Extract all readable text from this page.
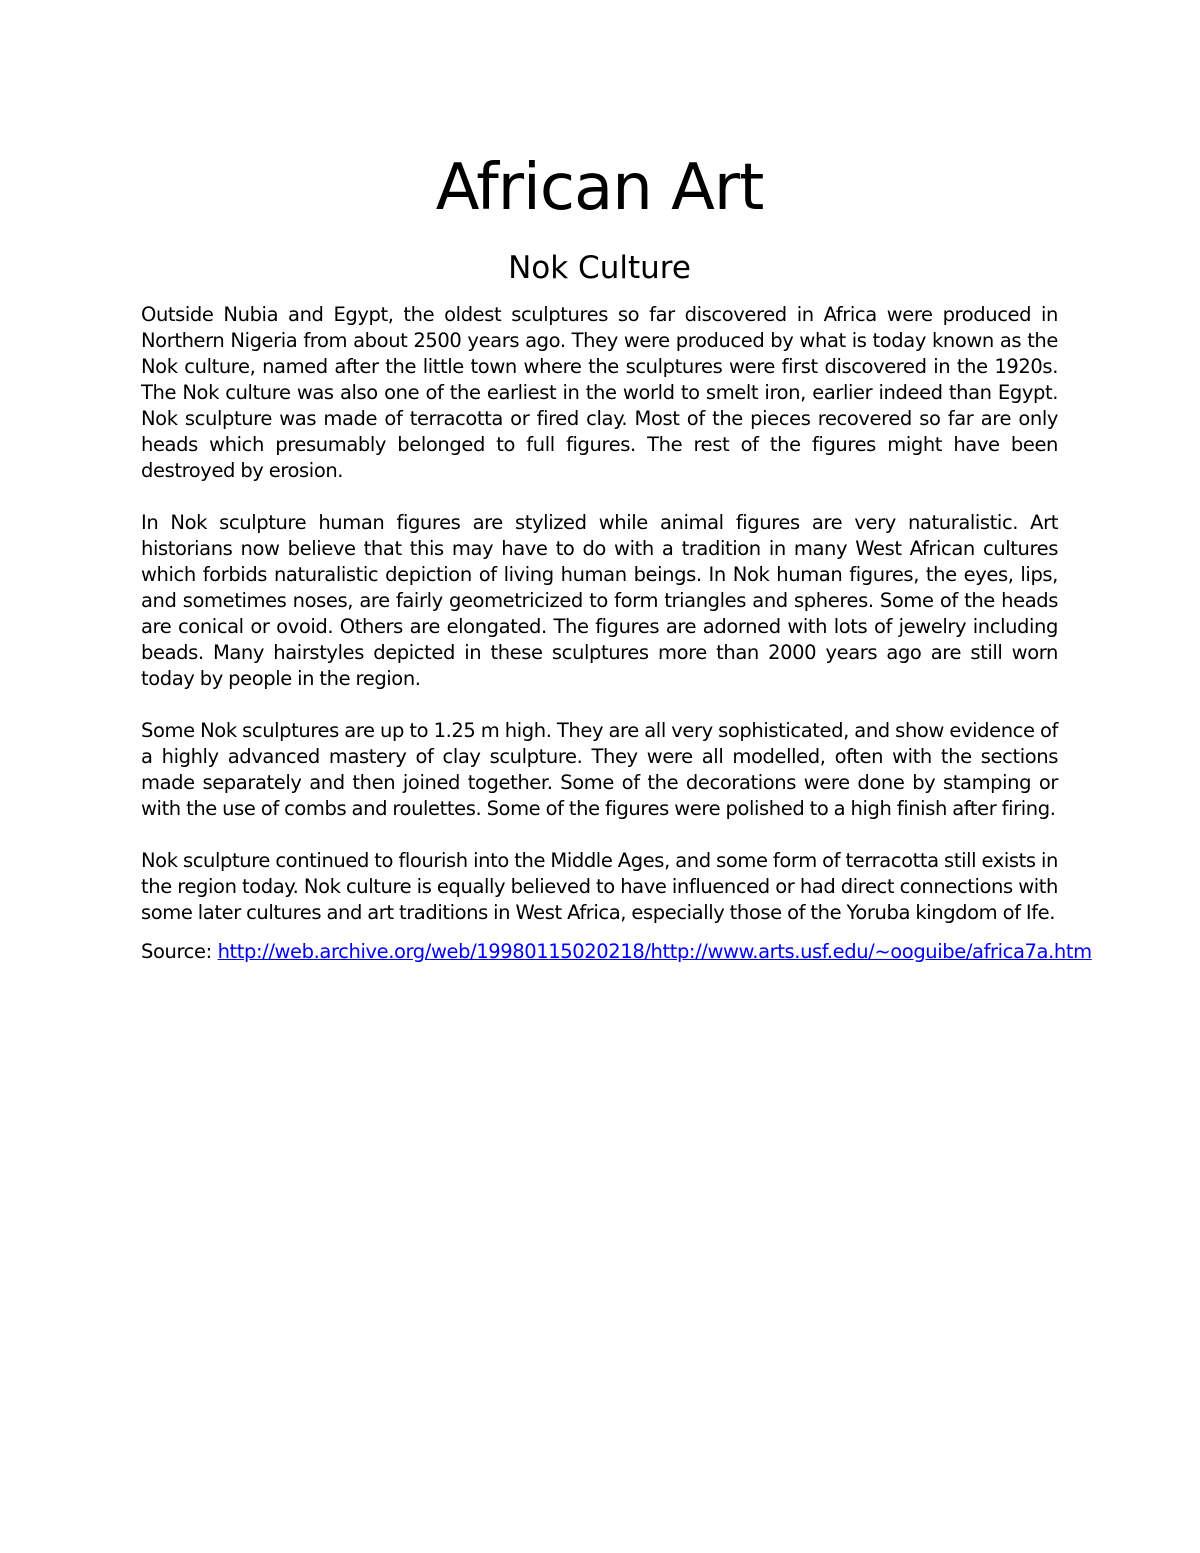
African Art
Nok Culture

Outside Nubia and Egypt, the oldest sculptures so far discovered in Africa were produced in Northern Nigeria from about 2500 years ago. They were produced by what is today known as the Nok culture, named after the little town where the sculptures were first discovered in the 1920s. The Nok culture was also one of the earliest in the world to smelt iron, earlier indeed than Egypt. Nok sculpture was made of terracotta or fired clay. Most of the pieces recovered so far are only heads which presumably belonged to full figures. The rest of the figures might have been destroyed by erosion.

In Nok sculpture human figures are stylized while animal figures are very naturalistic. Art historians now believe that this may have to do with a tradition in many West African cultures which forbids naturalistic depiction of living human beings. In Nok human figures, the eyes, lips, and sometimes noses, are fairly geometricized to form triangles and spheres. Some of the heads are conical or ovoid. Others are elongated. The figures are adorned with lots of jewelry including beads. Many hairstyles depicted in these sculptures more than 2000 years ago are still worn today by people in the region.

Some Nok sculptures are up to 1.25 m high. They are all very sophisticated, and show evidence of a highly advanced mastery of clay sculpture. They were all modelled, often with the sections made separately and then joined together. Some of the decorations were done by stamping or with the use of combs and roulettes. Some of the figures were polished to a high finish after firing.

Nok sculpture continued to flourish into the Middle Ages, and some form of terracotta still exists in the region today. Nok culture is equally believed to have influenced or had direct connections with some later cultures and art traditions in West Africa, especially those of the Yoruba kingdom of Ife.

Source: http://web.archive.org/web/19980115020218/http://www.arts.usf.edu/~ooguibe/africa7a.htm
